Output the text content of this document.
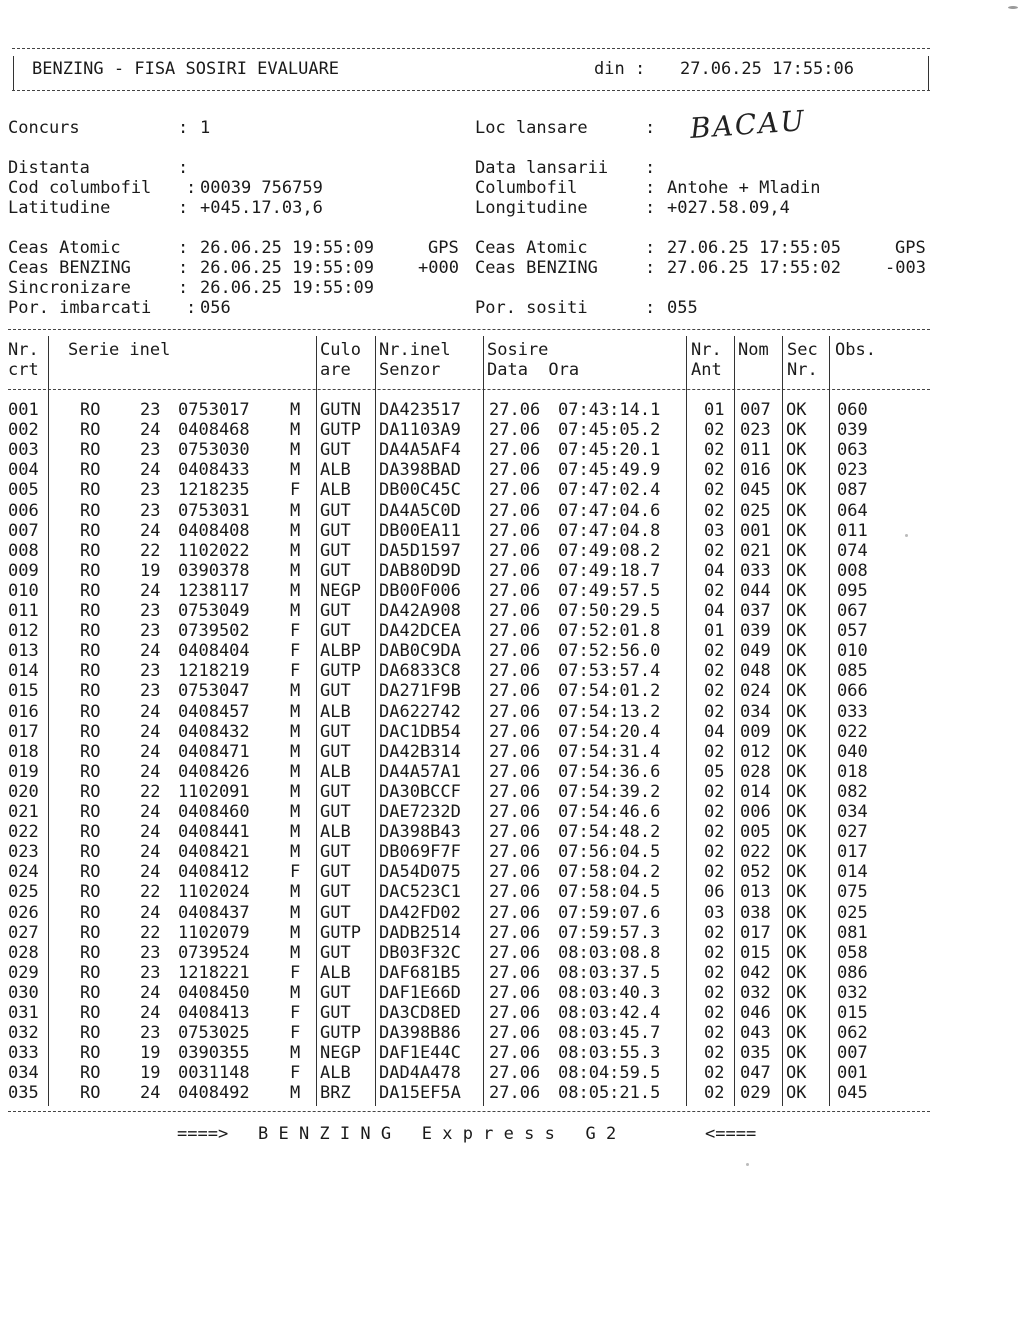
BENZING - FISA SOSIRI EVALUARE	din : 27.06.25 17:55:06
Concurs	: 1	Loc lansare	: BACAU
Distanta	:	Data lansarii :
Cod columbofil : 00039 756759	Columbofil	: Antohe + Mladin
Latitudine	: +045.17.03,6	Longitudine	: +027.58.09,4
Ceas Atomic	: 26.06.25 19:55:09	GPS Ceas Atomic	: 27.06.25 17:55:05	GPS
Ceas BENZING	: 26.06.25 19:55:09	+000 Ceas BENZING	: 27.06.25 17:55:02	-003
Sincronizare	: 26.06.25 19:55:09
Por. imbarcati : 056	Por. sositi	: 055
Nr. Serie inel	Culo Nr.inel Sosire	Nr. Nom Sec Obs.
crt	are Senzor	Data  Ora	Ant	Nr.
001 RO 23 0753017 M GUTN DA423517 27.06 07:43:14.1	01 007 OK 060
002 RO 24 0408468 M GUTP DA1103A9 27.06 07:45:05.2	02 023 OK 039
003 RO 23 0753030 M GUT DA4A5AF4 27.06 07:45:20.1	02 011 OK 063
004 RO 24 0408433 M ALB DA398BAD 27.06 07:45:49.9	02 016 OK 023
005 RO 23 1218235 F ALB DB00C45C 27.06 07:47:02.4	02 045 OK 087
006 RO 23 0753031 M GUT DA4A5C0D 27.06 07:47:04.6	02 025 OK 064
007 RO 24 0408408 M GUT DB00EA11 27.06 07:47:04.8	03 001 OK 011
008 RO 22 1102022 M GUT DA5D1597 27.06 07:49:08.2	02 021 OK 074
009 RO 19 0390378 M GUT DAB80D9D 27.06 07:49:18.7	04 033 OK 008
010 RO 24 1238117 M NEGP DB00F006 27.06 07:49:57.5	02 044 OK 095
011 RO 23 0753049 M GUT DA42A908 27.06 07:50:29.5	04 037 OK 067
012 RO 23 0739502 F GUT DA42DCEA 27.06 07:52:01.8	01 039 OK 057
013 RO 24 0408404 F ALBP DAB0C9DA 27.06 07:52:56.0	02 049 OK 010
014 RO 23 1218219 F GUTP DA6833C8 27.06 07:53:57.4	02 048 OK 085
015 RO 23 0753047 M GUT DA271F9B 27.06 07:54:01.2	02 024 OK 066
016 RO 24 0408457 M ALB DA622742 27.06 07:54:13.2	02 034 OK 033
017 RO 24 0408432 M GUT DAC1DB54 27.06 07:54:20.4	04 009 OK 022
018 RO 24 0408471 M GUT DA42B314 27.06 07:54:31.4	02 012 OK 040
019 RO 24 0408426 M ALB DA4A57A1 27.06 07:54:36.6	05 028 OK 018
020 RO 22 1102091 M GUT DA30BCCF 27.06 07:54:39.2	02 014 OK 082
021 RO 24 0408460 M GUT DAE7232D 27.06 07:54:46.6	02 006 OK 034
022 RO 24 0408441 M ALB DA398B43 27.06 07:54:48.2	02 005 OK 027
023 RO 24 0408421 M GUT DB069F7F 27.06 07:56:04.5	02 022 OK 017
024 RO 24 0408412 F GUT DA54D075 27.06 07:58:04.2	02 052 OK 014
025 RO 22 1102024 M GUT DAC523C1 27.06 07:58:04.5	06 013 OK 075
026 RO 24 0408437 M GUT DA42FD02 27.06 07:59:07.6	03 038 OK 025
027 RO 22 1102079 M GUTP DADB2514 27.06 07:59:57.3	02 017 OK 081
028 RO 23 0739524 M GUT DB03F32C 27.06 08:03:08.8	02 015 OK 058
029 RO 23 1218221 F ALB DAF681B5 27.06 08:03:37.5	02 042 OK 086
030 RO 24 0408450 M GUT DAF1E66D 27.06 08:03:40.3	02 032 OK 032
031 RO 24 0408413 F GUT DA3CD8ED 27.06 08:03:42.4	02 046 OK 015
032 RO 23 0753025 F GUTP DA398B86 27.06 08:03:45.7	02 043 OK 062
033 RO 19 0390355 M NEGP DAF1E44C 27.06 08:03:55.3	02 035 OK 007
034 RO 19 0031148 F ALB DAD4A478 27.06 08:04:59.5	02 047 OK 001
035 RO 24 0408492 M BRZ DA15EF5A 27.06 08:05:21.5	02 029 OK 045
====> B E N Z I N G   E x p r e s s   G 2	<====
